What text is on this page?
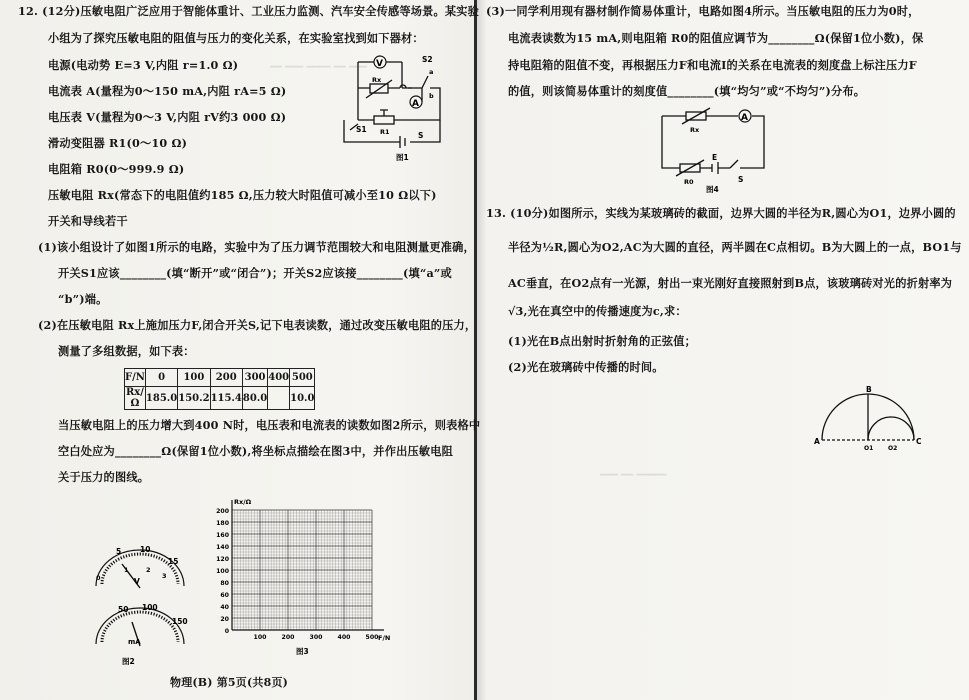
━━ ━━━ ━━━━ ━━ ━━━
━━━ ━━ ━━━━━
12. (12分)压敏电阻广泛应用于智能体重计、工业压力监测、汽车安全传感等场景。某实验
小组为了探究压敏电阻的阻值与压力的变化关系，在实验室找到如下器材：
电源(电动势 E=3 V,内阻 r=1.0 Ω)
电流表 A(量程为0～150 mA,内阻 rA=5 Ω)
电压表 V(量程为0～3 V,内阻 rV约3 000 Ω)
滑动变阻器 R1(0～10 Ω)
电阻箱 R0(0～999.9 Ω)
压敏电阻 Rx(常态下的电阻值约185 Ω,压力较大时阻值可减小至10 Ω以下)
开关和导线若干
V
A
S2
S1
S
Rx
R1
a
b
图1
(1)该小组设计了如图1所示的电路，实验中为了压力调节范围较大和电阻测量更准确，
开关S1应该________(填“断开”或“闭合”)；开关S2应该接________(填“a”或
“b”)端。
(2)在压敏电阻 Rx上施加压力F,闭合开关S,记下电表读数，通过改变压敏电阻的压力，
测量了多组数据，如下表：
F/N	0	100	200	300	400	500
Rx/Ω	185.0	150.2	115.4	80.0		10.0
当压敏电阻上的压力增大到400 N时，电压表和电流表的读数如图2所示，则表格中
空白处应为________Ω(保留1位小数),将坐标点描绘在图3中，并作出压敏电阻
关于压力的图线。
5	10
15
1	2
3
0	V
50 100
150
mA
图2
200
180
160
140
120
100
80
60
40
20
0
100 200 300 400 500
Rx/Ω
F/N
图3
物理(B) 第5页(共8页)
(3)一同学利用现有器材制作简易体重计，电路如图4所示。当压敏电阻的压力为0时，
电流表读数为15 mA,则电阻箱 R0的阻值应调节为________Ω(保留1位小数)，保
持电阻箱的阻值不变，再根据压力F和电流I的关系在电流表的刻度盘上标注压力F
的值，则该简易体重计的刻度值________(填“均匀”或“不均匀”)分布。
A
Rx
R0
E
S
图4
13. (10分)如图所示，实线为某玻璃砖的截面，边界大圆的半径为R,圆心为O1，边界小圆的
半径为½R,圆心为O2,AC为大圆的直径，两半圆在C点相切。B为大圆上的一点，BO1与
AC垂直，在O2点有一光源，射出一束光刚好直接照射到B点，该玻璃砖对光的折射率为
√3,光在真空中的传播速度为c,求：
(1)光在B点出射时折射角的正弦值；
(2)光在玻璃砖中传播的时间。
A
B
C
O1 O2
